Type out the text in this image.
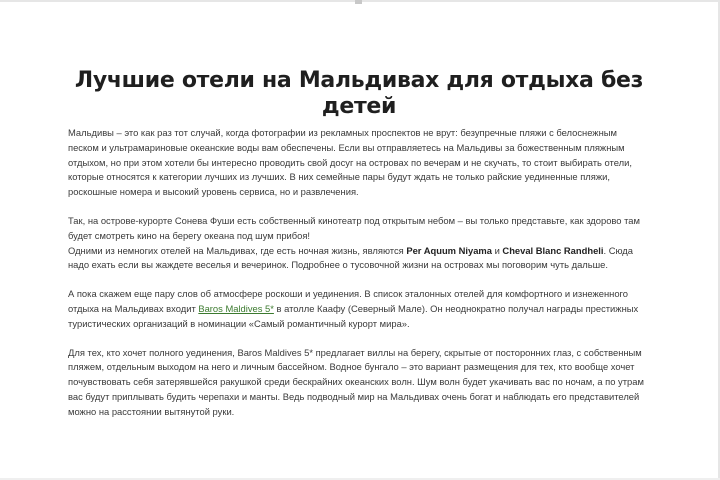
Лучшие отели на Мальдивах для отдыха без детей

Мальдивы – это как раз тот случай, когда фотографии из рекламных проспектов не врут: безупречные пляжи с белоснежным песком и ультрамариновые океанские воды вам обеспечены. Если вы отправляетесь на Мальдивы за божественным пляжным отдыхом, но при этом хотели бы интересно проводить свой досуг на островах по вечерам и не скучать, то стоит выбирать отели, которые относятся к категории лучших из лучших. В них семейные пары будут ждать не только райские уединенные пляжи, роскошные номера и высокий уровень сервиса, но и развлечения.

Так, на острове-курорте Сонева Фуши есть собственный кинотеатр под открытым небом – вы только представьте, как здорово там будет смотреть кино на берегу океана под шум прибоя!
Одними из немногих отелей на Мальдивах, где есть ночная жизнь, являются Per Aquum Niyama и Cheval Blanc Randheli. Сюда надо ехать если вы жаждете веселья и вечеринок. Подробнее о тусовочной жизни на островах мы поговорим чуть дальше.

А пока скажем еще пару слов об атмосфере роскоши и уединения. В список эталонных отелей для комфортного и изнеженного отдыха на Мальдивах входит Baros Maldives 5* в атолле Каафу (Северный Мале). Он неоднократно получал награды престижных туристических организаций в номинации «Самый романтичный курорт мира».

Для тех, кто хочет полного уединения, Baros Maldives 5* предлагает виллы на берегу, скрытые от посторонних глаз, с собственным пляжем, отдельным выходом на него и личным бассейном. Водное бунгало – это вариант размещения для тех, кто вообще хочет почувствовать себя затерявшейся ракушкой среди бескрайних океанских волн. Шум волн будет укачивать вас по ночам, а по утрам вас будут приплывать будить черепахи и манты. Ведь подводный мир на Мальдивах очень богат и наблюдать его представителей можно на расстоянии вытянутой руки.
